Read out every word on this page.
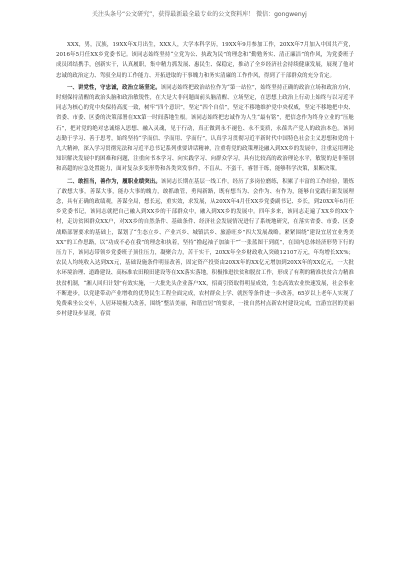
关注头条号“公文研究”，获得最新最全最专业的公文资料库！ 微信：gongwenyj

XXX，男，汉族，19XX年X月出生，XXX人，大学本科学历，19XX年9月参加工作，20XX年7月加入中国共产党，2016年5月任XX乡党委书记。该同志始终坚持“立党为公、执政为民”的理念和“勤勉务实、清正廉洁”的作风，为党委班子成员团结携手，创新实干，认真履职，集中精力抓发展、惠民生、保稳定，推动了全乡经济社会持续健康发展，展现了他对忠诚的政治定力、驾驭全局的工作能力、开拓进取的干事魄力和务实清廉的工作作风，得到了干部群众的充分肯定。

一、讲党性，守忠诚，政治立场坚定。该同志始终把政治站位作为“第一站位”，始终坚持正确的政治立场和政治方向，时刻保持清醒的政治头脑和政治敏锐性，在大是大非问题面前头脑清醒、立场坚定，在思想上政治上行动上始终与以习近平同志为核心的党中央保持高度一致，树牢“四个意识”，坚定“四个自信”，坚定不移地维护党中央权威，坚定不移地把中央、省委、市委、区委的决策部署在XX第一时间落地生根。该同志始终把忠诚作为人生“最有铭”，把信念作为终身立业的“压舱石”，把对党的绝对忠诚熔入思想、融入灵魂，见于行动，真正做到永不褪色、永不变质，永葆共产党人的政治本色。该同志勤于学习、善于思考，始终坚持“学而信、学而用、学而行”，认真学习贯彻习近平新时代中国特色社会主义思想和党的十九大精神，深入学习贯彻宪法和习近平总书记系列重要讲话精神，注重将党的政策理论融入到XX乡的发展中，注重运用理论知识解决发展中的困难和问题，注重向书本学习、向实践学习、向群众学习，具有比较高的政治理论水平，敏锐的是非鉴别和高超的应急处置能力，面对复杂多变形势和各类突发事件，不盲从、不蛮干，睿智干练，能够科学决策，果断决策。

二、敢担当，善作为，履职业绩突出。该同志长期在基层一线工作，经历了多岗位磨练，积累了丰富的工作经验，锻炼了敢想大事，善谋大事，能办大事的魄力，敢抓敢管，勇闯新路，既有想当为、会作为、有作为，能够自觉践行新发展理念，具有正确的政绩观，善谋全局，想长远，重实效，求发展，从20XX年4月任XX乡党委副书记、乡长，到20XX年6月任乡党委书记，该同志就把自己融入到XX乡的干部群众中，融入到XX乡的发展中。四年多来，该同志走遍了XX乡的XX个村，走访贫困群众XX户，对XX乡的自然条件、基础条件、经济社会发展情况进行了系统地研究，在落实省委、市委、区委战略部署要求的基础上，谋划了“生态立乡、产业兴乡、城镇活乡、旅游旺乡”四大发展战略。紧紧围绕“建设宜居宜业秀美XX”的工作思路，以“功成不必在我”的理念和执着，坚持“撸起袖子加油干”“一张蓝图干到底”，在国内总体经济形势下行的压力下，该同志带领乡党委班子顶住压力，凝聚合力，苦干实干，20XX年全乡财政收入突破12107万元，年均增长XX%；农民人均纯收入达到XX元，基础设施条件明显改善，固定资产投资由20XX年的XX亿元增加到20XX年的XX亿元，一大批水环境治理、道路建设、高标准农田粮田建设等在XX落实落地，积极推进扶贫和脱贫工作，形成了有利的精准扶贫合力精准扶贫机制，“湘人回归计划”有效实施，一大批先头企业落户XX，招商引资取得明显成效，生态高效农业快速发展，社会事业不断进步，以党建带动产业增收的优势民生工程全面完成，农村群众上学、就医等条件进一步改善，65岁以上老年人实现了免费乘坐公交车，人居环境极大改善，围绕“整洁美丽，和谐宜居”的要求，一批自然村点新农村建设完成，宜游宜居的美丽乡村建设步显现，春赏
